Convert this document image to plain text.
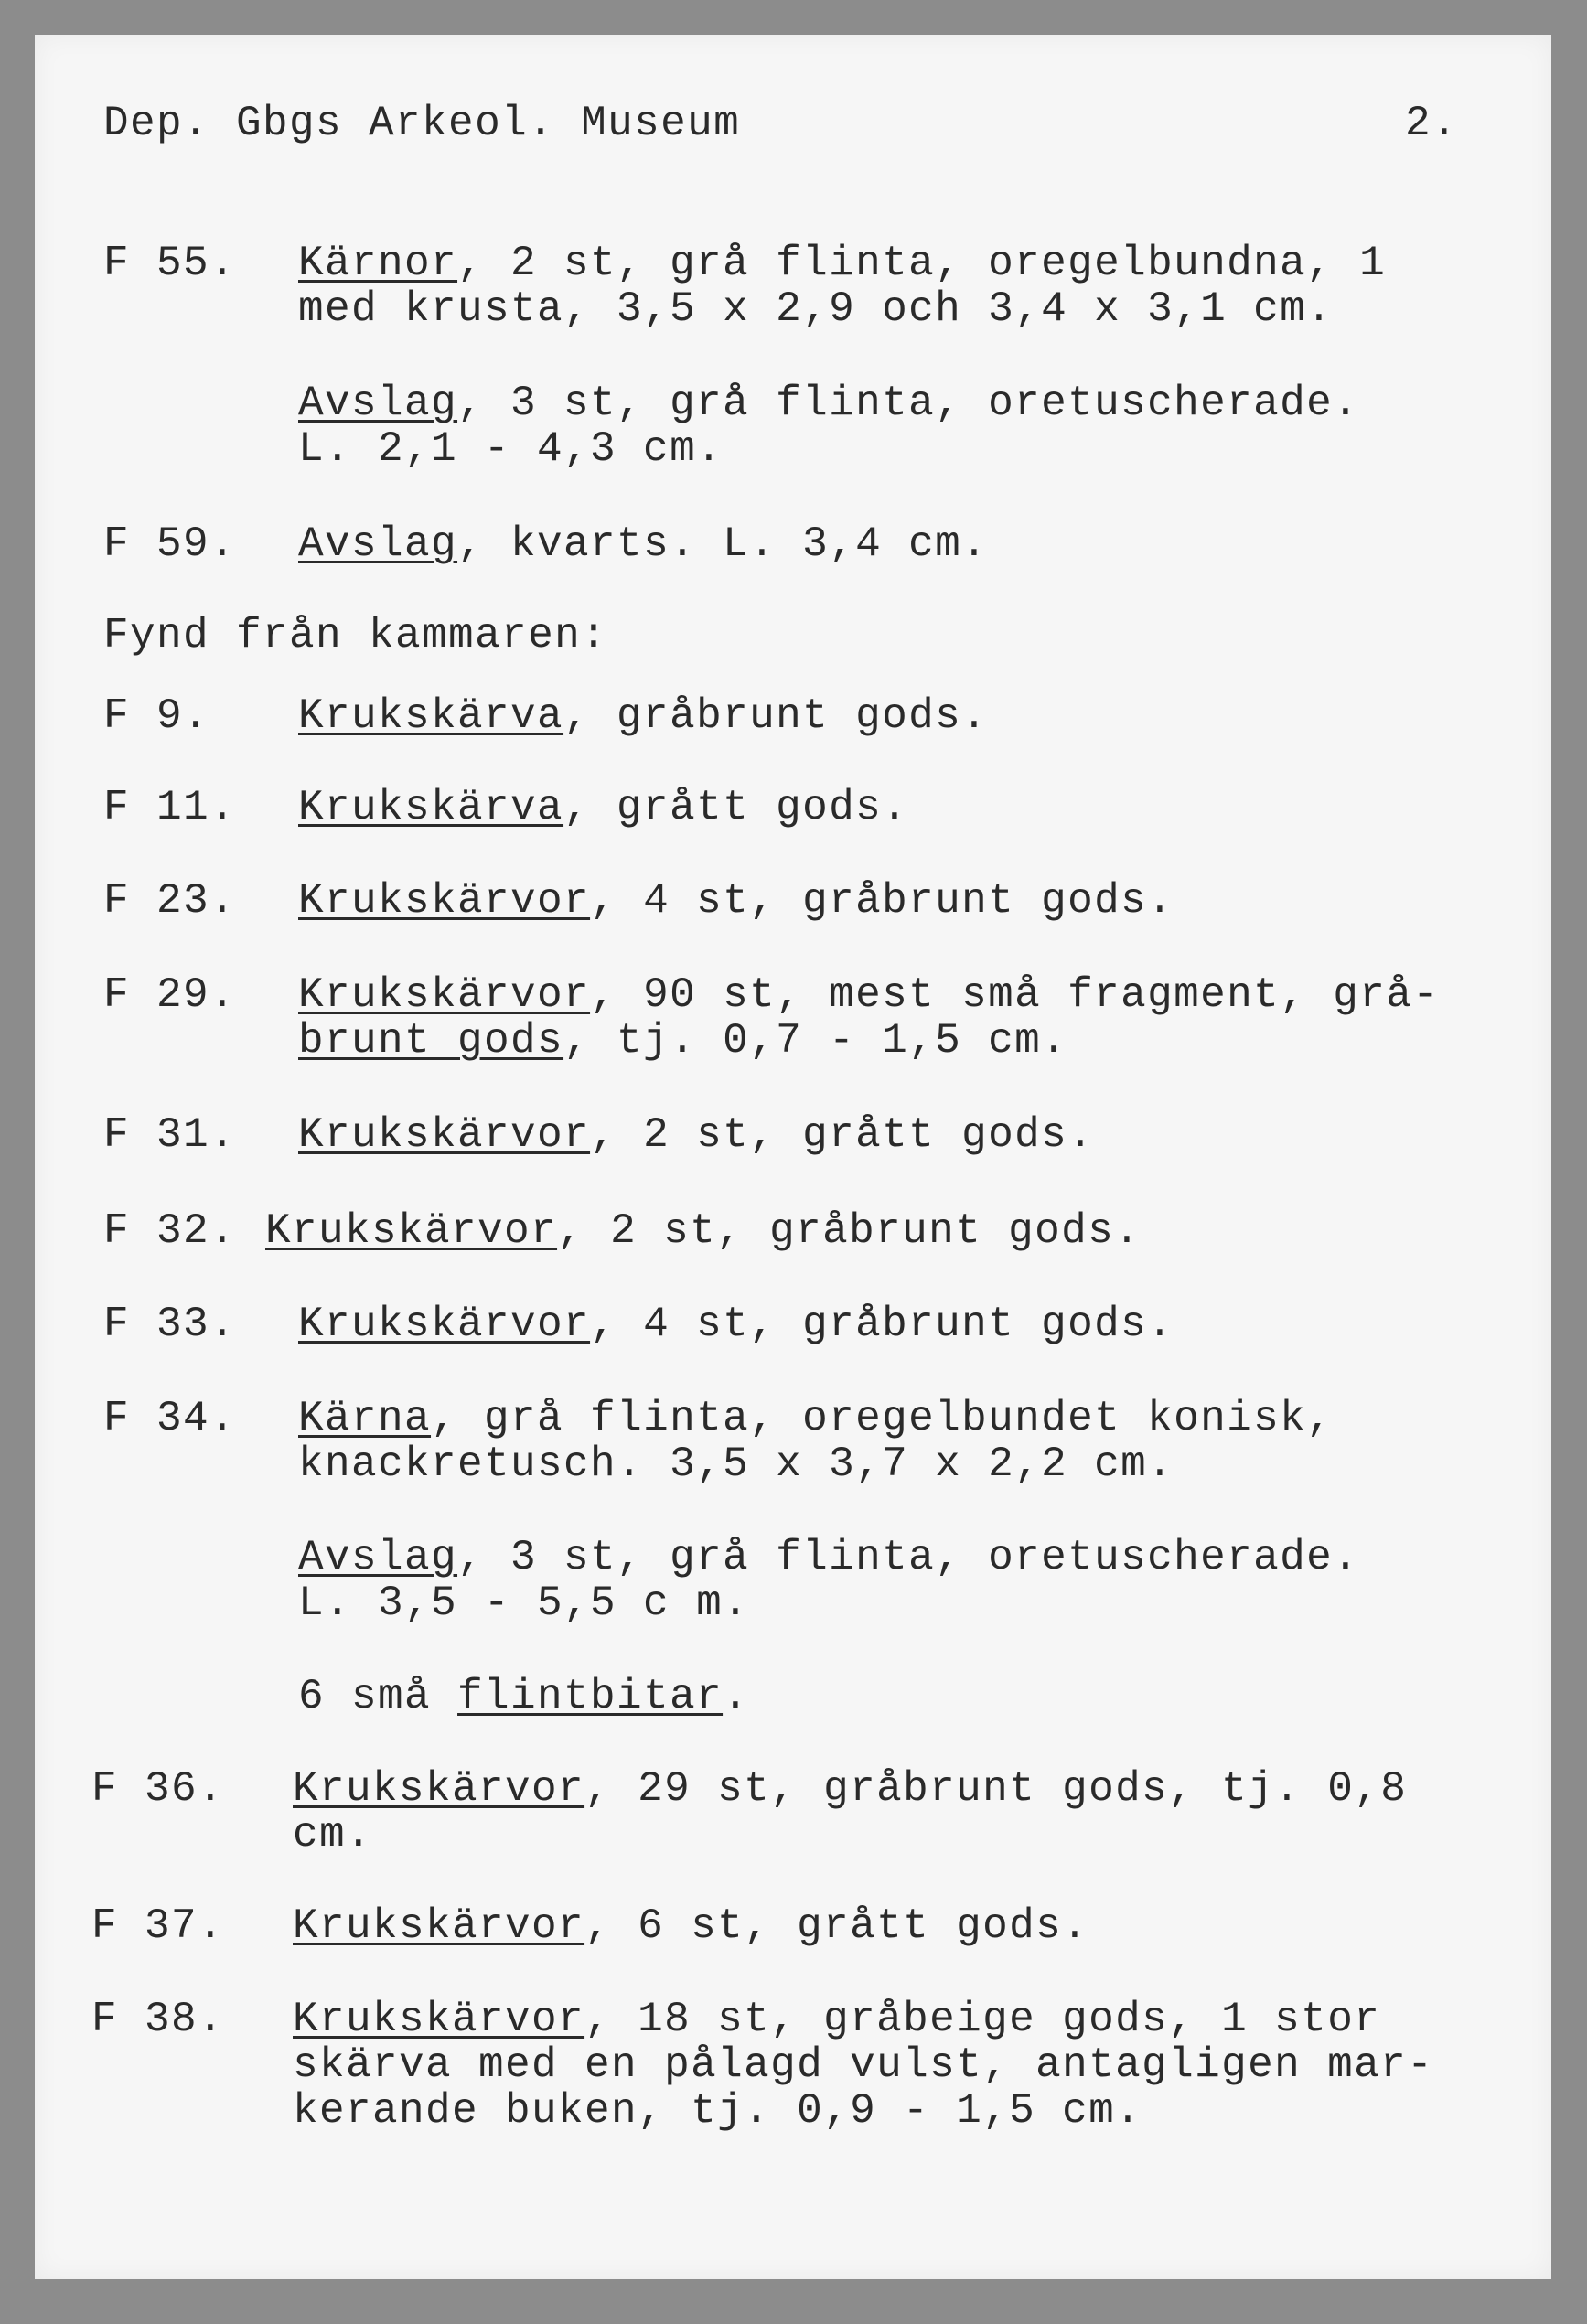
Dep. Gbgs Arkeol. Museum	2.
F 55. Kärnor, 2 st, grå flinta, oregelbundna, 1
med krusta, 3,5 x 2,9 och 3,4 x 3,1 cm.
Avslag, 3 st, grå flinta, oretuscherade.
L. 2,1 - 4,3 cm.
F 59. Avslag, kvarts. L. 3,4 cm.
Fynd från kammaren:
F 9. Krukskärva, gråbrunt gods.
F 11. Krukskärva, grått gods.
F 23. Krukskärvor, 4 st, gråbrunt gods.
F 29. Krukskärvor, 90 st, mest små fragment, grå-
brunt gods, tj. 0,7 - 1,5 cm.
F 31. Krukskärvor, 2 st, grått gods.
F 32. Krukskärvor, 2 st, gråbrunt gods.
F 33. Krukskärvor, 4 st, gråbrunt gods.
F 34. Kärna, grå flinta, oregelbundet konisk,
knackretusch. 3,5 x 3,7 x 2,2 cm.
Avslag, 3 st, grå flinta, oretuscherade.
L. 3,5 - 5,5 c m.
6 små flintbitar.
F 36. Krukskärvor, 29 st, gråbrunt gods, tj. 0,8
cm.
F 37. Krukskärvor, 6 st, grått gods.
F 38. Krukskärvor, 18 st, gråbeige gods, 1 stor
skärva med en pålagd vulst, antagligen mar-
kerande buken, tj. 0,9 - 1,5 cm.
